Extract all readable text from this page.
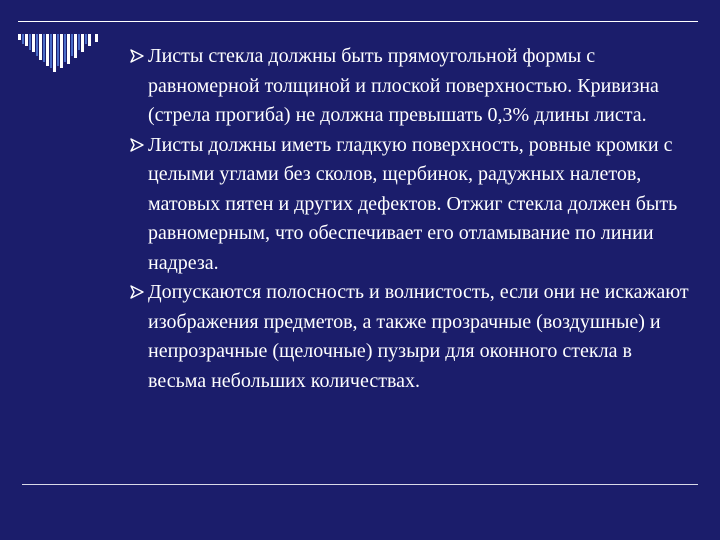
Листы стекла должны быть прямоугольной формы с равномерной толщиной и плоской поверхностью. Кривизна (стрела прогиба) не должна превышать 0,3% длины листа.
Листы должны иметь гладкую поверхность, ровные кромки с целыми углами без сколов, щербинок, радужных налетов, матовых пятен и других дефектов. Отжиг стекла должен быть равномерным, что обеспечивает его отламывание по линии надреза.
Допускаются полосность и волнистость, если они не искажают изображения предметов, а также прозрачные (воздушные) и непрозрачные (щелочные) пузыри для оконного стекла в весьма небольших количествах.
